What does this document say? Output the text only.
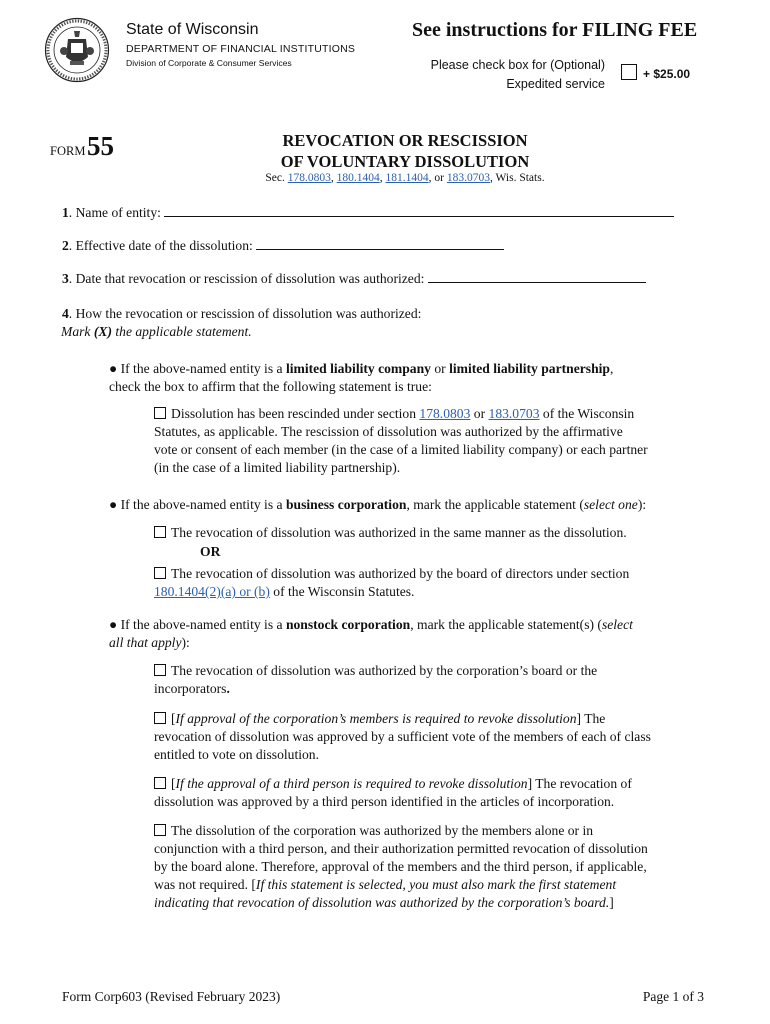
State of Wisconsin
DEPARTMENT OF FINANCIAL INSTITUTIONS
Division of Corporate & Consumer Services
See instructions for FILING FEE
Please check box for (Optional)
Expedited service
+ $25.00
FORM 55	REVOCATION OR RESCISSION
OF VOLUNTARY DISSOLUTION
Sec. 178.0803, 180.1404, 181.1404, or 183.0703, Wis. Stats.
1. Name of entity:
2. Effective date of the dissolution:
3. Date that revocation or rescission of dissolution was authorized:
4. How the revocation or rescission of dissolution was authorized:
Mark (X) the applicable statement.
● If the above-named entity is a limited liability company or limited liability partnership,
check the box to affirm that the following statement is true:
Dissolution has been rescinded under section 178.0803 or 183.0703 of the Wisconsin
Statutes, as applicable. The rescission of dissolution was authorized by the affirmative
vote or consent of each member (in the case of a limited liability company) or each partner
(in the case of a limited liability partnership).
● If the above-named entity is a business corporation, mark the applicable statement (select one):
The revocation of dissolution was authorized in the same manner as the dissolution.
OR
The revocation of dissolution was authorized by the board of directors under section
180.1404(2)(a) or (b) of the Wisconsin Statutes.
● If the above-named entity is a nonstock corporation, mark the applicable statement(s) (select
all that apply):
The revocation of dissolution was authorized by the corporation’s board or the
incorporators.
[If approval of the corporation’s members is required to revoke dissolution] The
revocation of dissolution was approved by a sufficient vote of the members of each of class
entitled to vote on dissolution.
[If the approval of a third person is required to revoke dissolution] The revocation of
dissolution was approved by a third person identified in the articles of incorporation.
The dissolution of the corporation was authorized by the members alone or in
conjunction with a third person, and their authorization permitted revocation of dissolution
by the board alone. Therefore, approval of the members and the third person, if applicable,
was not required. [If this statement is selected, you must also mark the first statement
indicating that revocation of dissolution was authorized by the corporation’s board.]
Form Corp603 (Revised February 2023)	Page 1 of 3
